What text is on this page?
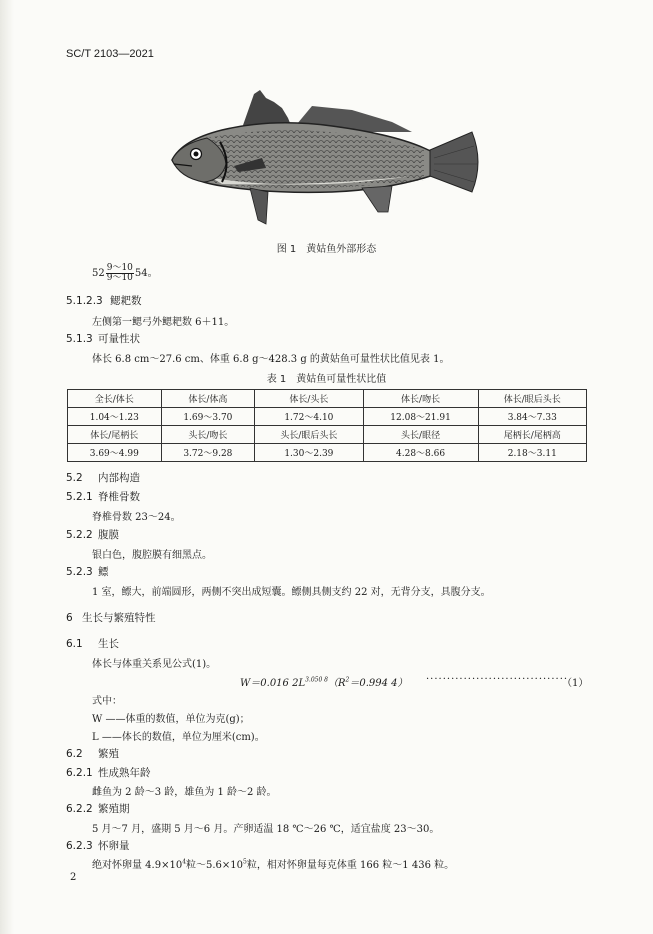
SC/T 2103—2021
图 1　黄姑鱼外部形态
$52 \frac{9\sim 10}{9\sim 10} 54$。
5.1.2.3 鳃耙数
左侧第一鳃弓外鳃耙数 6＋11。
5.1.3 可量性状
体长 6.8 cm～27.6 cm、体重 6.8 g～428.3 g 的黄姑鱼可量性状比值见表 1。
表 1　黄姑鱼可量性状比值
全长/体长	体长/体高	体长/头长	体长/吻长	体长/眼后头长
1.04～1.23	1.69～3.70	1.72～4.10	12.08～21.91	3.84～7.33
体长/尾柄长	头长/吻长	头长/眼后头长	头长/眼径	尾柄长/尾柄高
3.69～4.99	3.72～9.28	1.30～2.39	4.28～8.66	2.18～3.11
5.2 内部构造
5.2.1 脊椎骨数
脊椎骨数 23～24。
5.2.2 腹膜
银白色，腹腔膜有细黑点。
5.2.3 鳔
1 室，鳔大，前端圆形，两侧不突出成短囊。鳔侧具侧支约 22 对，无背分支，具腹分支。
6 生长与繁殖特性
6.1 生长
体长与体重关系见公式(1)。
W＝0.016 $2L^{3.050 8}(R^2=0.994$ 4） ··································
（1）
式中：
W ——体重的数值，单位为克(g)；
L ——体长的数值，单位为厘米(cm)。
6.2 繁殖
6.2.1 性成熟年龄
雌鱼为 2 龄～3 龄，雄鱼为 1 龄～2 龄。
6.2.2 繁殖期
5 月～7 月，盛期 5 月～6 月。产卵适温 18 ℃～26 ℃，适宜盐度 23～30。
6.2.3 怀卵量
绝对怀卵量 $4.9\times 10^4$粒$\sim 5.6\times 10^5$粒，相对怀卵量每克体重 166 粒～1 436 粒。
2
